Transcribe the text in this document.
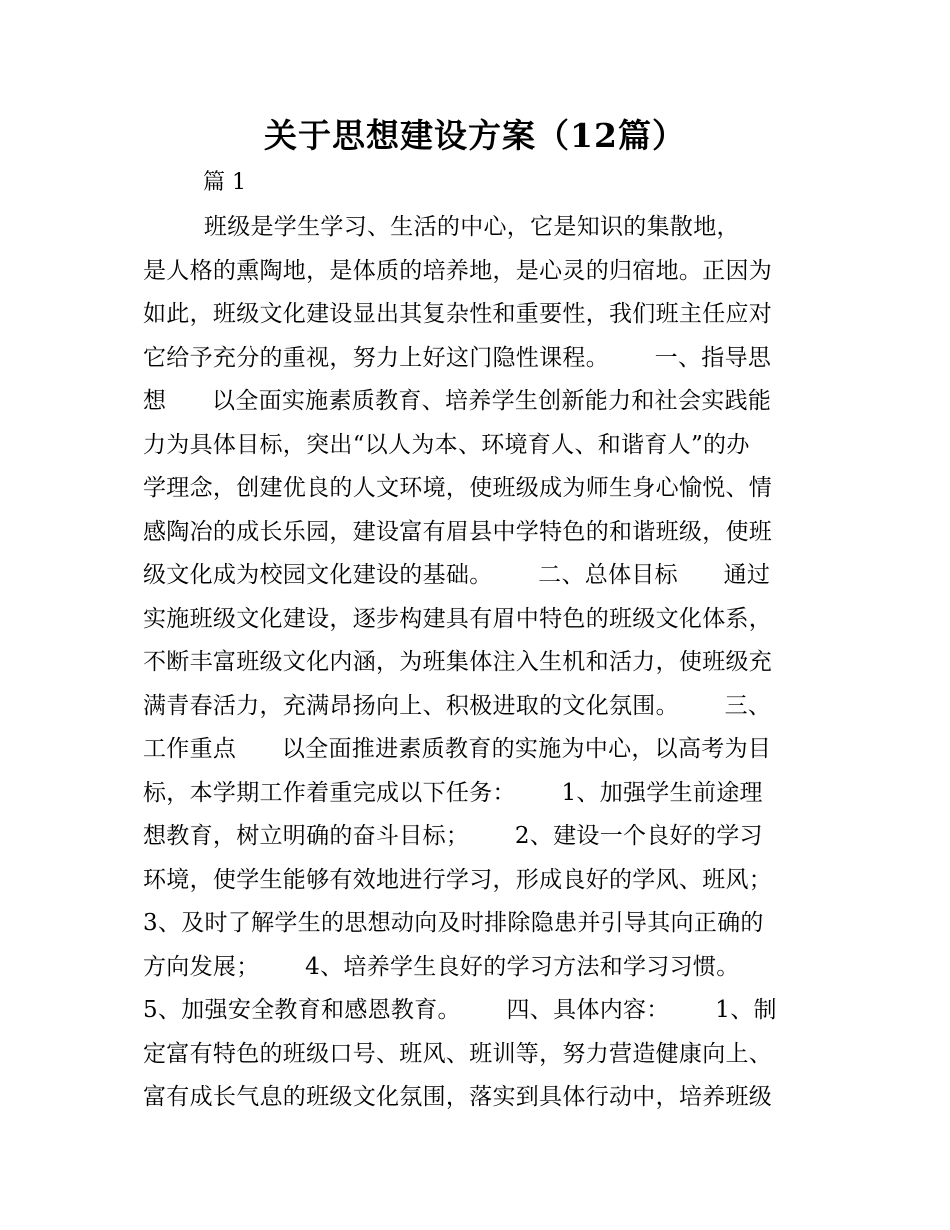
关于思想建设方案（12篇）
篇 1
班级是学生学习、生活的中心，它是知识的集散地，
是人格的熏陶地，是体质的培养地，是心灵的归宿地。正因为
如此，班级文化建设显出其复杂性和重要性，我们班主任应对
它给予充分的重视，努力上好这门隐性课程。      一、指导思
想      以全面实施素质教育、培养学生创新能力和社会实践能
力为具体目标，突出“以人为本、环境育人、和谐育人”的办
学理念，创建优良的人文环境，使班级成为师生身心愉悦、情
感陶冶的成长乐园，建设富有眉县中学特色的和谐班级，使班
级文化成为校园文化建设的基础。      二、总体目标      通过
实施班级文化建设，逐步构建具有眉中特色的班级文化体系，
不断丰富班级文化内涵，为班集体注入生机和活力，使班级充
满青春活力，充满昂扬向上、积极进取的文化氛围。      三、
工作重点      以全面推进素质教育的实施为中心，以高考为目
标，本学期工作着重完成以下任务：      1、加强学生前途理
想教育，树立明确的奋斗目标；      2、建设一个良好的学习
环境，使学生能够有效地进行学习，形成良好的学风、班风；
3、及时了解学生的思想动向及时排除隐患并引导其向正确的
方向发展；      4、培养学生良好的学习方法和学习习惯。
5、加强安全教育和感恩教育。      四、具体内容：      1、制
定富有特色的班级口号、班风、班训等，努力营造健康向上、
富有成长气息的班级文化氛围，落实到具体行动中，培养班级
